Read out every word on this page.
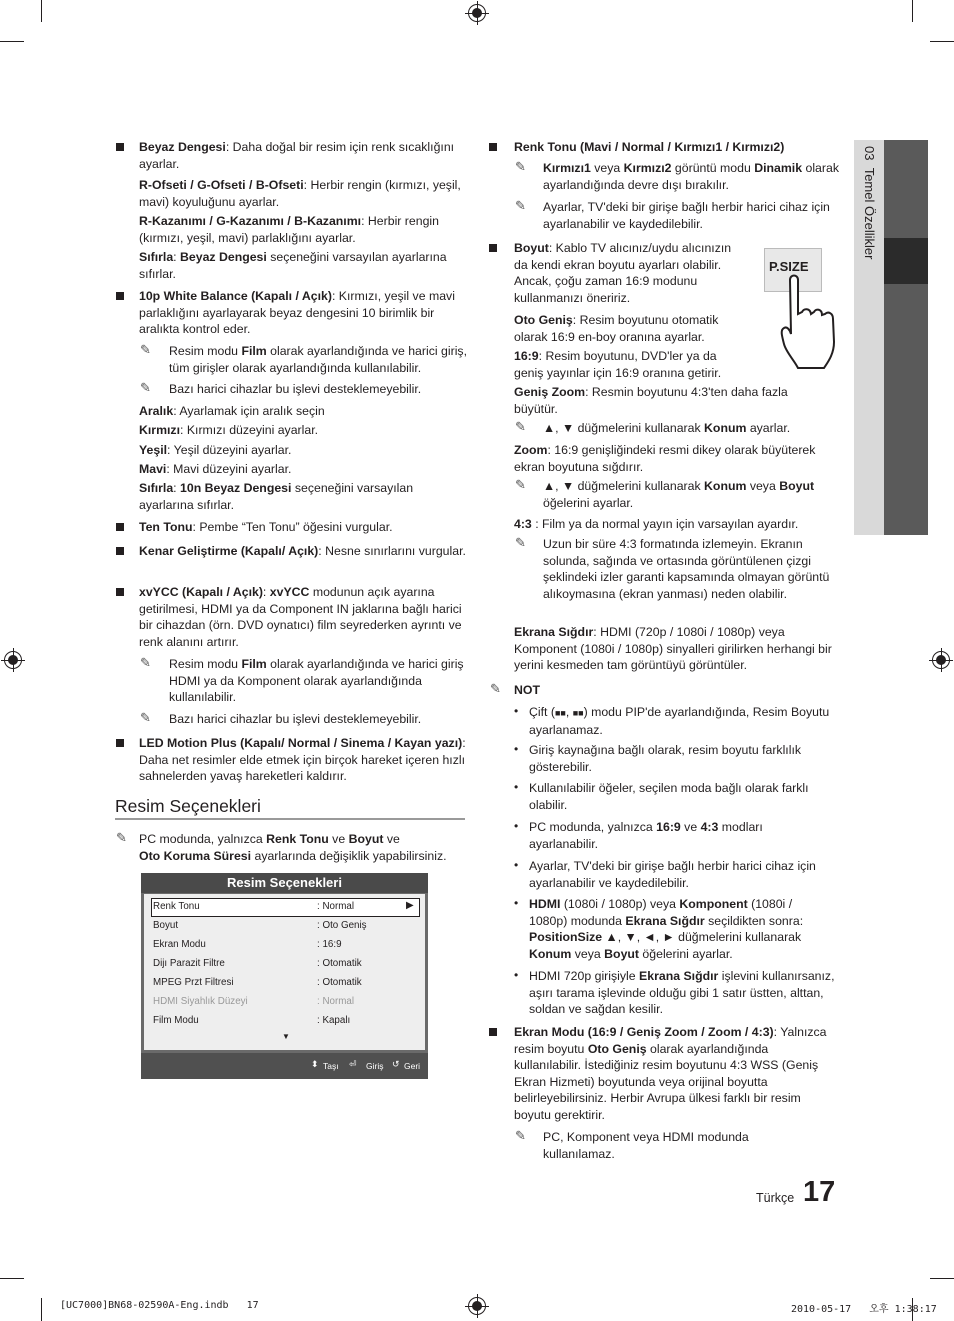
03  Temel Özellikler
Beyaz Dengesi: Daha doğal bir resim için renk sıcaklığını ayarlar.
R-Ofseti / G-Ofseti / B-Ofseti: Herbir rengin (kırmızı, yeşil, mavi) koyuluğunu ayarlar.
R-Kazanımı / G-Kazanımı / B-Kazanımı: Herbir rengin (kırmızı, yeşil, mavi) parlaklığını ayarlar.
Sıfırla: Beyaz Dengesi seçeneğini varsayılan ayarlarına sıfırlar.
10p White Balance (Kapalı / Açık): Kırmızı, yeşil ve mavi parlaklığını ayarlayarak beyaz dengesini 10 birimlik bir aralıkta kontrol eder.
✎ Resim modu Film olarak ayarlandığında ve harici giriş, tüm girişler olarak ayarlandığında kullanılabilir.
✎ Bazı harici cihazlar bu işlevi desteklemeyebilir.
Aralık: Ayarlamak için aralık seçin
Kırmızı: Kırmızı düzeyini ayarlar.
Yeşil: Yeşil düzeyini ayarlar.
Mavi: Mavi düzeyini ayarlar.
Sıfırla: 10n Beyaz Dengesi seçeneğini varsayılan ayarlarına sıfırlar.
Ten Tonu: Pembe “Ten Tonu” öğesini vurgular.
Kenar Geliştirme (Kapalı/ Açık): Nesne sınırlarını vurgular.
xvYCC (Kapalı / Açık): xvYCC modunun açık ayarına getirilmesi, HDMI ya da Component IN jaklarına bağlı harici bir cihazdan (örn. DVD oynatıcı) film seyrederken ayrıntı ve renk alanını artırır.
✎ Resim modu Film olarak ayarlandığında ve harici giriş HDMI ya da Komponent olarak ayarlandığında kullanılabilir.
✎ Bazı harici cihazlar bu işlevi desteklemeyebilir.
LED Motion Plus (Kapalı/ Normal / Sinema / Kayan yazı): Daha net resimler elde etmek için birçok hareket içeren hızlı sahnelerden yavaş hareketleri kaldırır.
Resim Seçenekleri
✎ PC modunda, yalnızca Renk Tonu ve Boyut ve
Oto Koruma Süresi ayarlarında değişiklik yapabilirsiniz.
Resim Seçenekleri
Renk Tonu	: Normal	▶
Boyut	: Oto Geniş
Ekran Modu	: 16:9
Dijı Parazit Filtre	: Otomatik
MPEG Przt Filtresi	: Otomatik
HDMI Siyahlık Düzeyi	: Normal
Film Modu	: Kapalı
▼
⬍ Taşı ⏎ Giriş ↺ Geri
Renk Tonu (Mavi / Normal / Kırmızı1 / Kırmızı2)
✎ Kırmızı1 veya Kırmızı2 görüntü modu Dinamik olarak ayarlandığında devre dışı bırakılır.
✎ Ayarlar, TV'deki bir girişe bağlı herbir harici cihaz için ayarlanabilir ve kaydedilebilir.
Boyut: Kablo TV alıcınız/uydu alıcınızın da kendi ekran boyutu ayarları olabilir. Ancak, çoğu zaman 16:9 modunu kullanmanızı öneririz.
P.SIZE
Oto Geniş: Resim boyutunu otomatik olarak 16:9 en-boy oranına ayarlar.
16:9: Resim boyutunu, DVD'ler ya da geniş yayınlar için 16:9 oranına getirir.
Geniş Zoom: Resmin boyutunu 4:3'ten daha fazla büyütür.
✎ ▲, ▼ düğmelerini kullanarak Konum ayarlar.
Zoom: 16:9 genişliğindeki resmi dikey olarak büyüterek ekran boyutuna sığdırır.
✎ ▲, ▼ düğmelerini kullanarak Konum veya Boyut öğelerini ayarlar.
4:3 : Film ya da normal yayın için varsayılan ayardır.
✎ Uzun bir süre 4:3 formatında izlemeyin. Ekranın solunda, sağında ve ortasında görüntülenen çizgi şeklindeki izler garanti kapsamında olmayan görüntü alıkoymasına (ekran yanması) neden olabilir.
Ekrana Sığdır: HDMI (720p / 1080i / 1080p) veya Komponent (1080i / 1080p) sinyalleri girilirken herhangi bir yerini kesmeden tam görüntüyü görüntüler.
✎ NOT
• Çift (■■, ■■) modu PIP'de ayarlandığında, Resim Boyutu ayarlanamaz.
• Giriş kaynağına bağlı olarak, resim boyutu farklılık gösterebilir.
• Kullanılabilir öğeler, seçilen moda bağlı olarak farklı olabilir.
• PC modunda, yalnızca 16:9 ve 4:3 modları ayarlanabilir.
• Ayarlar, TV'deki bir girişe bağlı herbir harici cihaz için ayarlanabilir ve kaydedilebilir.
• HDMI (1080i / 1080p) veya Komponent (1080i / 1080p) modunda Ekrana Sığdır seçildikten sonra: PositionSize ▲, ▼, ◄, ► düğmelerini kullanarak Konum veya Boyut öğelerini ayarlar.
• HDMI 720p girişiyle Ekrana Sığdır işlevini kullanırsanız, aşırı tarama işlevinde olduğu gibi 1 satır üstten, alttan, soldan ve sağdan kesilir.
Ekran Modu (16:9 / Geniş Zoom / Zoom / 4:3): Yalnızca resim boyutu Oto Geniş olarak ayarlandığında kullanılabilir. İstediğiniz resim boyutunu 4:3 WSS (Geniş Ekran Hizmeti) boyutunda veya orijinal boyutta belirleyebilirsiniz. Herbir Avrupa ülkesi farklı bir resim boyutu gerektirir.
✎ PC, Komponent veya HDMI modunda kullanılamaz.
Türkçe 17
[UC7000]BN68-02590A-Eng.indb   17	2010-05-17   오후 1:38:17
